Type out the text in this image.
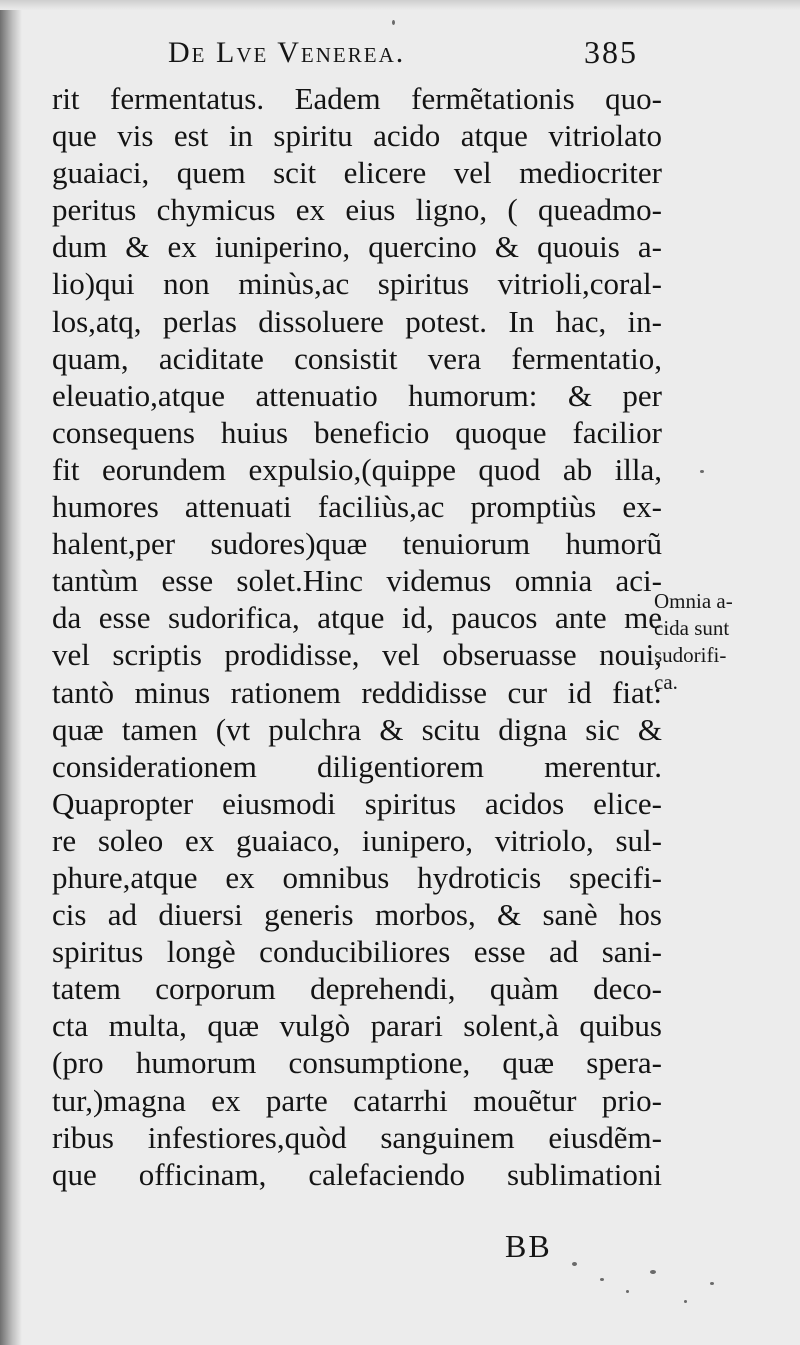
De Lve Venerea.	385
rit fermentatus. Eadem fermẽtationis quo-
que vis est in spiritu acido atque vitriolato
guaiaci, quem scit elicere vel mediocriter
peritus chymicus ex eius ligno, ( queadmo-
dum & ex iuniperino, quercino & quouis a-
lio)qui non minùs,ac spiritus vitrioli,coral-
los,atq, perlas dissoluere potest. In hac, in-
quam, aciditate consistit vera fermentatio,
eleuatio,atque attenuatio humorum: & per
consequens huius beneficio quoque facilior
fit eorundem expulsio,(quippe quod ab illa,
humores attenuati faciliùs,ac promptiùs ex-
halent,per sudores)quæ tenuiorum humorũ
tantùm esse solet.Hinc videmus omnia aci-
da esse sudorifica, atque id, paucos ante me
vel scriptis prodidisse, vel obseruasse noui,
tantò minus rationem reddidisse cur id fiat:
quæ tamen (vt pulchra & scitu digna sic &
considerationem diligentiorem merentur.
Quapropter eiusmodi spiritus acidos elice-
re soleo ex guaiaco, iunipero, vitriolo, sul-
phure,atque ex omnibus hydroticis specifi-
cis ad diuersi generis morbos, & sanè hos
spiritus longè conducibiliores esse ad sani-
tatem corporum deprehendi, quàm deco-
cta multa, quæ vulgò parari solent,à quibus
(pro humorum consumptione, quæ spera-
tur,)magna ex parte catarrhi mouẽtur prio-
ribus infestiores,quòd sanguinem eiusdẽm-
que officinam, calefaciendo sublimationi
Omnia a-
cida sunt
sudorifi-
ca.
BB
